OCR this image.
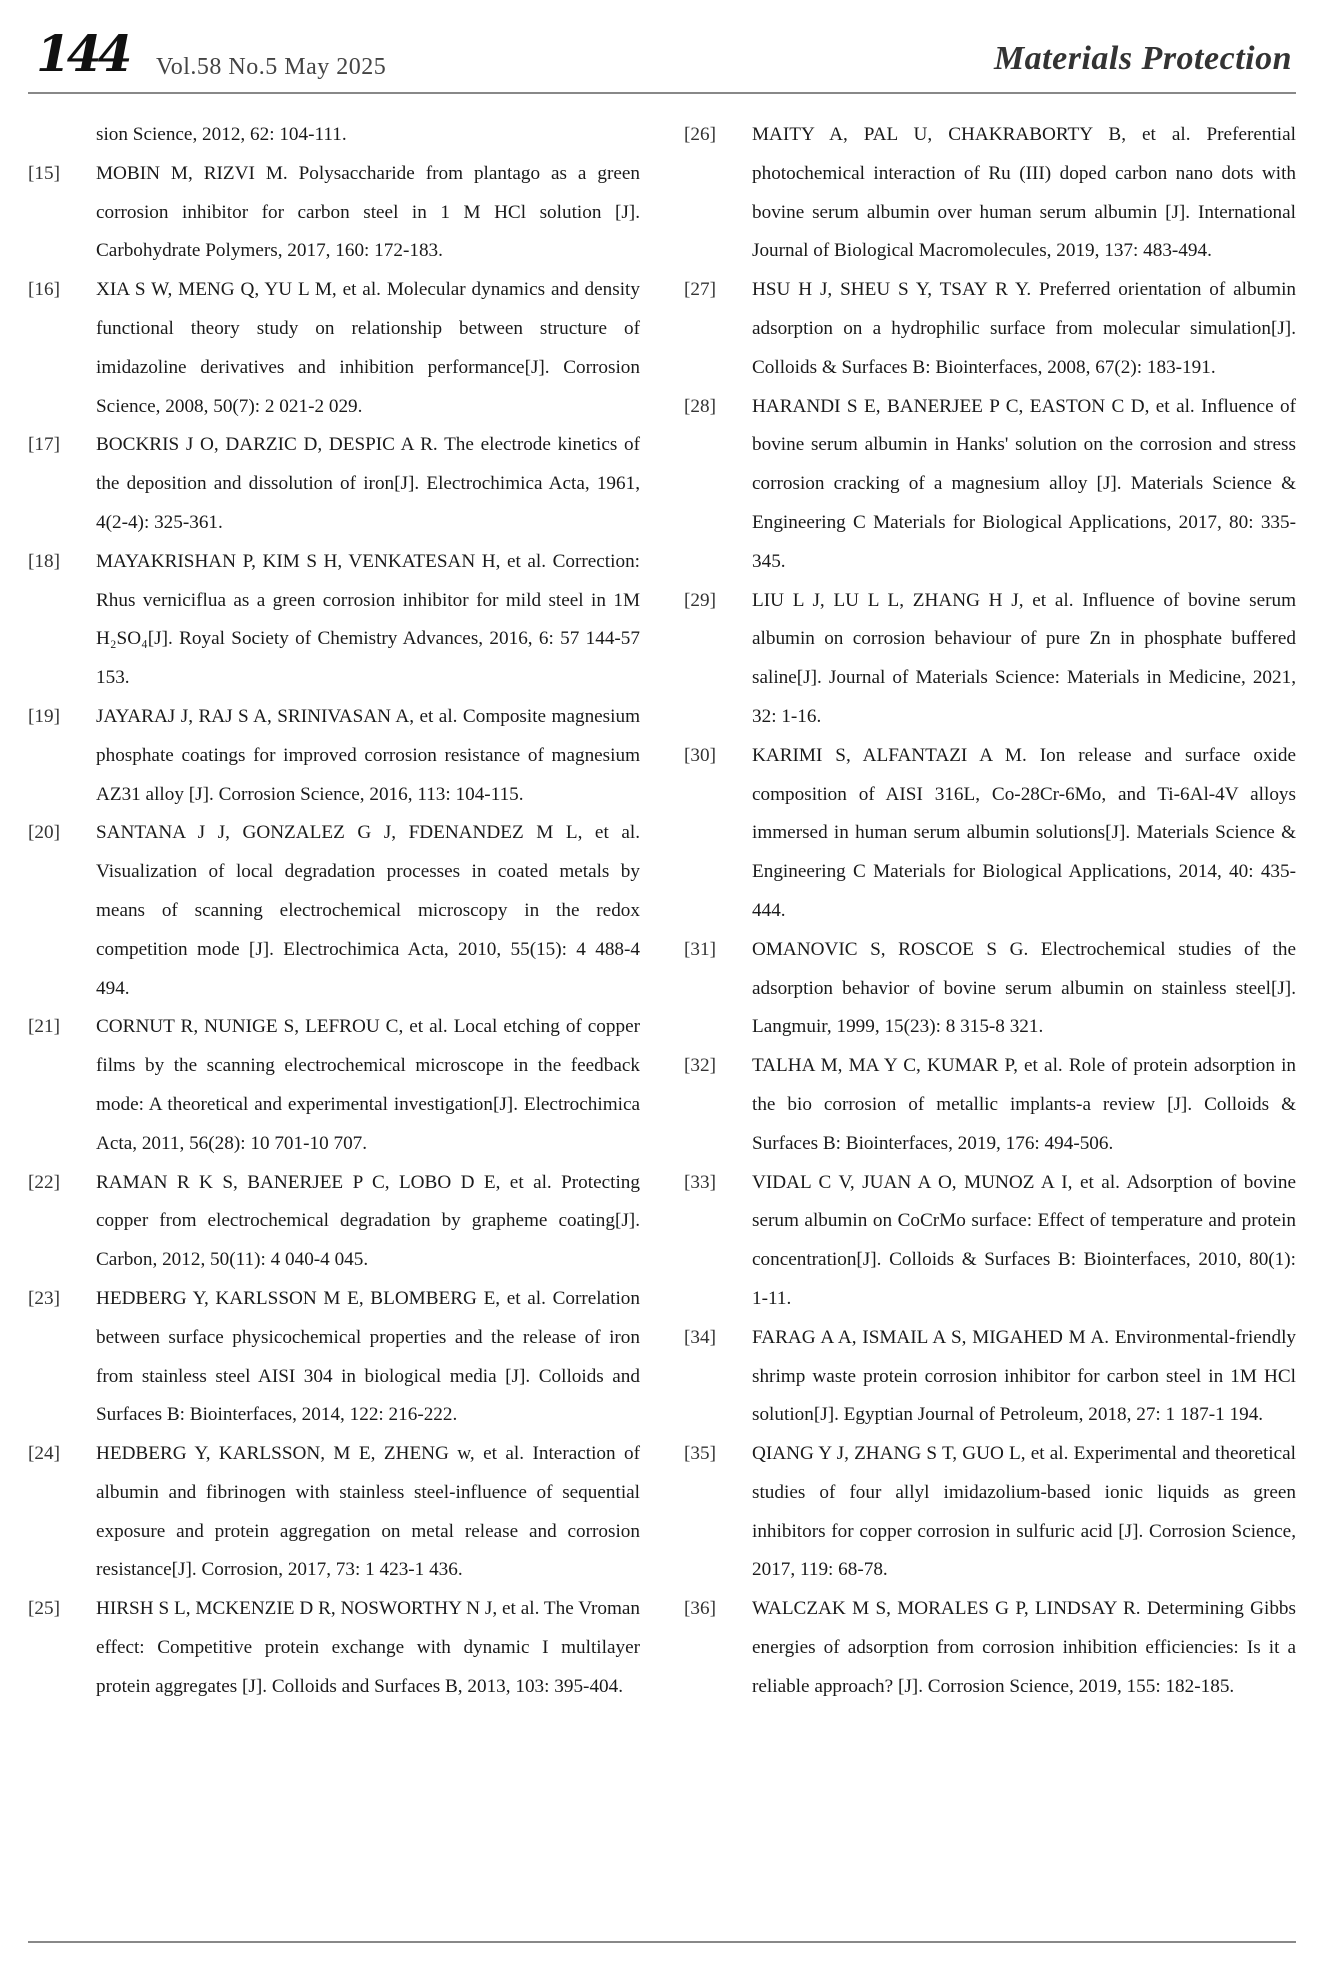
144 Vol.58 No.5 May 2025	Materials Protection
sion Science, 2012, 62: 104-111.
[15] MOBIN M, RIZVI M. Polysaccharide from plantago as a green corrosion inhibitor for carbon steel in 1 M HCl solution [J]. Carbohydrate Polymers, 2017, 160: 172-183.
[16] XIA S W, MENG Q, YU L M, et al. Molecular dynamics and density functional theory study on relationship between structure of imidazoline derivatives and inhibition performance[J]. Corrosion Science, 2008, 50(7): 2 021-2 029.
[17] BOCKRIS J O, DARZIC D, DESPIC A R. The electrode kinetics of the deposition and dissolution of iron[J]. Electrochimica Acta, 1961, 4(2-4): 325-361.
[18] MAYAKRISHAN P, KIM S H, VENKATESAN H, et al. Correction: Rhus verniciflua as a green corrosion inhibitor for mild steel in 1M H₂SO₄[J]. Royal Society of Chemistry Advances, 2016, 6: 57 144-57 153.
[19] JAYARAJ J, RAJ S A, SRINIVASAN A, et al. Composite magnesium phosphate coatings for improved corrosion resistance of magnesium AZ31 alloy [J]. Corrosion Science, 2016, 113: 104-115.
[20] SANTANA J J, GONZALEZ G J, FDENANDEZ M L, et al. Visualization of local degradation processes in coated metals by means of scanning electrochemical microscopy in the redox competition mode [J]. Electrochimica Acta, 2010, 55(15): 4 488-4 494.
[21] CORNUT R, NUNIGE S, LEFROU C, et al. Local etching of copper films by the scanning electrochemical microscope in the feedback mode: A theoretical and experimental investigation[J]. Electrochimica Acta, 2011, 56(28): 10 701-10 707.
[22] RAMAN R K S, BANERJEE P C, LOBO D E, et al. Protecting copper from electrochemical degradation by grapheme coating[J]. Carbon, 2012, 50(11): 4 040-4 045.
[23] HEDBERG Y, KARLSSON M E, BLOMBERG E, et al. Correlation between surface physicochemical properties and the release of iron from stainless steel AISI 304 in biological media [J]. Colloids and Surfaces B: Biointerfaces, 2014, 122: 216-222.
[24] HEDBERG Y, KARLSSON, M E, ZHENG w, et al. Interaction of albumin and fibrinogen with stainless steel-influence of sequential exposure and protein aggregation on metal release and corrosion resistance[J]. Corrosion, 2017, 73: 1 423-1 436.
[25] HIRSH S L, MCKENZIE D R, NOSWORTHY N J, et al. The Vroman effect: Competitive protein exchange with dynamic I multilayer protein aggregates [J]. Colloids and Surfaces B, 2013, 103: 395-404.
[26] MAITY A, PAL U, CHAKRABORTY B, et al. Preferential photochemical interaction of Ru (III) doped carbon nano dots with bovine serum albumin over human serum albumin [J]. International Journal of Biological Macromolecules, 2019, 137: 483-494.
[27] HSU H J, SHEU S Y, TSAY R Y. Preferred orientation of albumin adsorption on a hydrophilic surface from molecular simulation[J]. Colloids & Surfaces B: Biointerfaces, 2008, 67(2): 183-191.
[28] HARANDI S E, BANERJEE P C, EASTON C D, et al. Influence of bovine serum albumin in Hanks' solution on the corrosion and stress corrosion cracking of a magnesium alloy [J]. Materials Science & Engineering C Materials for Biological Applications, 2017, 80: 335-345.
[29] LIU L J, LU L L, ZHANG H J, et al. Influence of bovine serum albumin on corrosion behaviour of pure Zn in phosphate buffered saline[J]. Journal of Materials Science: Materials in Medicine, 2021, 32: 1-16.
[30] KARIMI S, ALFANTAZI A M. Ion release and surface oxide composition of AISI 316L, Co-28Cr-6Mo, and Ti-6Al-4V alloys immersed in human serum albumin solutions[J]. Materials Science & Engineering C Materials for Biological Applications, 2014, 40: 435-444.
[31] OMANOVIC S, ROSCOE S G. Electrochemical studies of the adsorption behavior of bovine serum albumin on stainless steel[J]. Langmuir, 1999, 15(23): 8 315-8 321.
[32] TALHA M, MA Y C, KUMAR P, et al. Role of protein adsorption in the bio corrosion of metallic implants-a review [J]. Colloids & Surfaces B: Biointerfaces, 2019, 176: 494-506.
[33] VIDAL C V, JUAN A O, MUNOZ A I, et al. Adsorption of bovine serum albumin on CoCrMo surface: Effect of temperature and protein concentration[J]. Colloids & Surfaces B: Biointerfaces, 2010, 80(1): 1-11.
[34] FARAG A A, ISMAIL A S, MIGAHED M A. Environmental-friendly shrimp waste protein corrosion inhibitor for carbon steel in 1M HCl solution[J]. Egyptian Journal of Petroleum, 2018, 27: 1 187-1 194.
[35] QIANG Y J, ZHANG S T, GUO L, et al. Experimental and theoretical studies of four allyl imidazolium-based ionic liquids as green inhibitors for copper corrosion in sulfuric acid [J]. Corrosion Science, 2017, 119: 68-78.
[36] WALCZAK M S, MORALES G P, LINDSAY R. Determining Gibbs energies of adsorption from corrosion inhibition efficiencies: Is it a reliable approach? [J]. Corrosion Science, 2019, 155: 182-185.
